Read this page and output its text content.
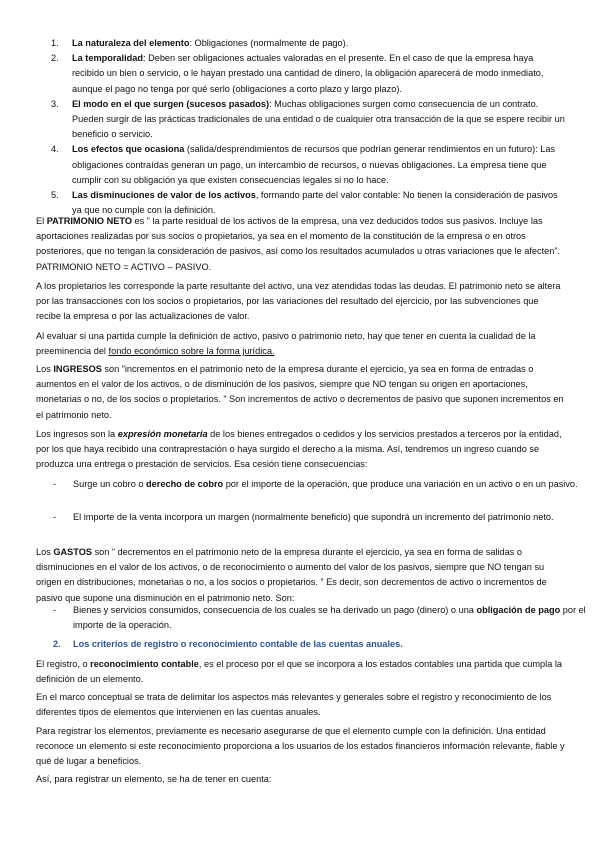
1. La naturaleza del elemento: Obligaciones (normalmente de pago).
2. La temporalidad: Deben ser obligaciones actuales valoradas en el presente. En el caso de que la empresa haya recibido un bien o servicio, o le hayan prestado una cantidad de dinero, la obligación aparecerá de modo inmediato, aunque el pago no tenga por qué serlo (obligaciones a corto plazo y largo plazo).
3. El modo en el que surgen (sucesos pasados): Muchas obligaciones surgen como consecuencia de un contrato. Pueden surgir de las prácticas tradicionales de una entidad o de cualquier otra transacción de la que se espere recibir un beneficio o servicio.
4. Los efectos que ocasiona (salida/desprendimientos de recursos que podrían generar rendimientos en un futuro): Las obligaciones contraídas generan un pago, un intercambio de recursos, o nuevas obligaciones. La empresa tiene que cumplir con su obligación ya que existen consecuencias legales si no lo hace.
5. Las disminuciones de valor de los activos, formando parte del valor contable: No tienen la consideración de pasivos ya que no cumple con la definición.

El PATRIMONIO NETO es ” la parte residual de los activos de la empresa, una vez deducidos todos sus pasivos. Incluye las aportaciones realizadas por sus socios o propietarios, ya sea en el momento de la constitución de la empresa o en otros posteriores, que no tengan la consideración de pasivos, así como los resultados acumulados u otras variaciones que le afecten”. PATRIMONIO NETO = ACTIVO – PASIVO.

A los propietarios les corresponde la parte resultante del activo, una vez atendidas todas las deudas. El patrimonio neto se altera por las transacciones con los socios o propietarios, por las variaciones del resultado del ejercicio, por las subvenciones que recibe la empresa o por las actualizaciones de valor.

Al evaluar si una partida cumple la definición de activo, pasivo o patrimonio neto, hay que tener en cuenta la cualidad de la preeminencia del fondo económico sobre la forma jurídica.

Los INGRESOS son ”incrementos en el patrimonio neto de la empresa durante el ejercicio, ya sea en forma de entradas o aumentos en el valor de los activos, o de disminución de los pasivos, siempre que NO tengan su origen en aportaciones, monetarias o no, de los socios o propietarios. ” Son incrementos de activo o decrementos de pasivo que suponen incrementos en el patrimonio neto.

Los ingresos son la expresión monetaria de los bienes entregados o cedidos y los servicios prestados a terceros por la entidad, por los que haya recibido una contraprestación o haya surgido el derecho a la misma. Así, tendremos un ingreso cuando se produzca una entrega o prestación de servicios. Esa cesión tiene consecuencias:

- Surge un cobro o derecho de cobro por el importe de la operación, que produce una variación en un activo o en un pasivo.

- El importe de la venta incorpora un margen (normalmente beneficio) que supondrá un incremento del patrimonio neto.

Los GASTOS son ” decrementos en el patrimonio neto de la empresa durante el ejercicio, ya sea en forma de salidas o disminuciones en el valor de los activos, o de reconocimiento o aumento del valor de los pasivos, siempre que NO tengan su origen en distribuciones, monetarias o no, a los socios o propietarios. ” Es decir, son decrementos de activo o incrementos de pasivo que supone una disminución en el patrimonio neto. Son:

- Bienes y servicios consumidos, consecuencia de los cuales se ha derivado un pago (dinero) o una obligación de pago por el importe de la operación.

2. Los criterios de registro o reconocimiento contable de las cuentas anuales.

El registro, o reconocimiento contable, es el proceso por el que se incorpora a los estados contables una partida que cumpla la definición de un elemento.

En el marco conceptual se trata de delimitar los aspectos más relevantes y generales sobre el registro y reconocimiento de los diferentes tipos de elementos que intervienen en las cuentas anuales.

Para registrar los elementos, previamente es necesario asegurarse de que el elemento cumple con la definición. Una entidad reconoce un elemento si este reconocimiento proporciona a los usuarios de los estados financieros información relevante, fiable y qué dé lugar a beneficios.

Así, para registrar un elemento, se ha de tener en cuenta:
